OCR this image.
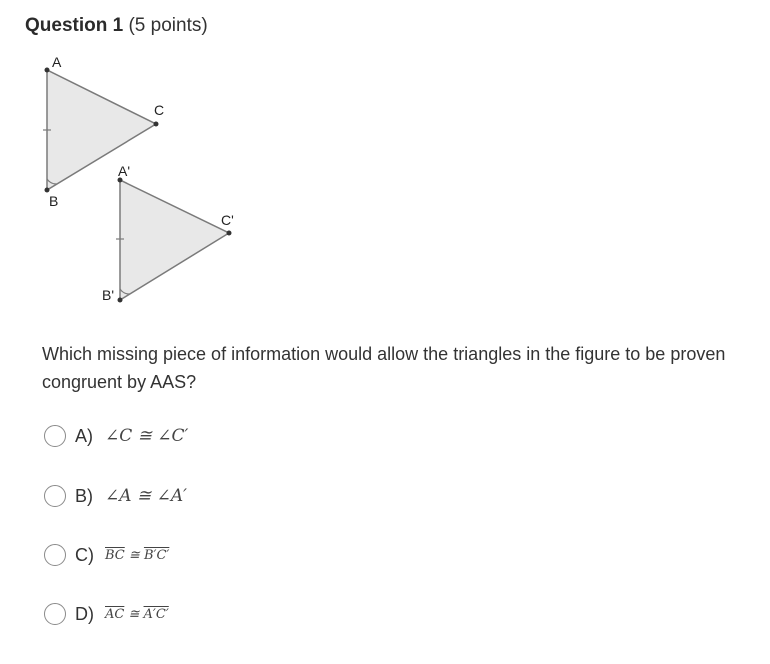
Question 1 (5 points)
A
B
C
A'
B'
C'
Which missing piece of information would allow the triangles in the figure to be proven congruent by AAS?
A) ∠C ≅ ∠C′
B) ∠A ≅ ∠A′
C) $\overline{BC}$ ≅ B′C′
D) $\overline{AC}$ ≅ A′C′
